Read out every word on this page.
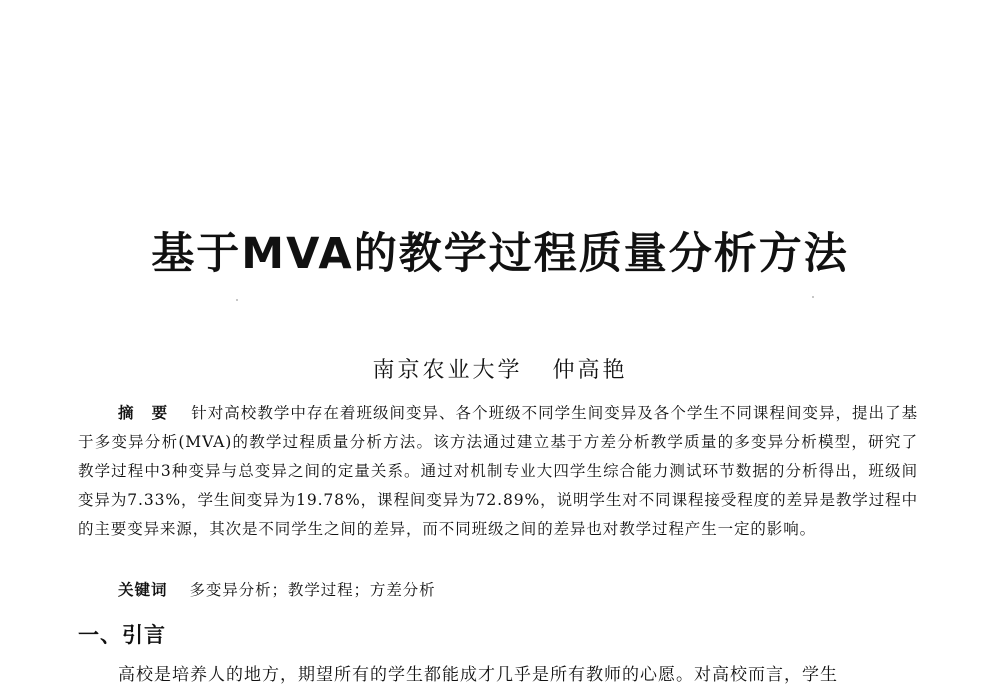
基于MVA的教学过程质量分析方法
南京农业大学 仲高艳

摘要 针对高校教学中存在着班级间变异、各个班级不同学生间变异及各个学生不同课程间变异，提出了基于多变异分析(MVA)的教学过程质量分析方法。该方法通过建立基于方差分析教学质量的多变异分析模型，研究了教学过程中3种变异与总变异之间的定量关系。通过对机制专业大四学生综合能力测试环节数据的分析得出，班级间变异为7.33%，学生间变异为19.78%，课程间变异为72.89%，说明学生对不同课程接受程度的差异是教学过程中的主要变异来源，其次是不同学生之间的差异，而不同班级之间的差异也对教学过程产生一定的影响。

关键词 多变异分析；教学过程；方差分析
一、引言
高校是培养人的地方，期望所有的学生都能成才几乎是所有教师的心愿。对高校而言，学生
